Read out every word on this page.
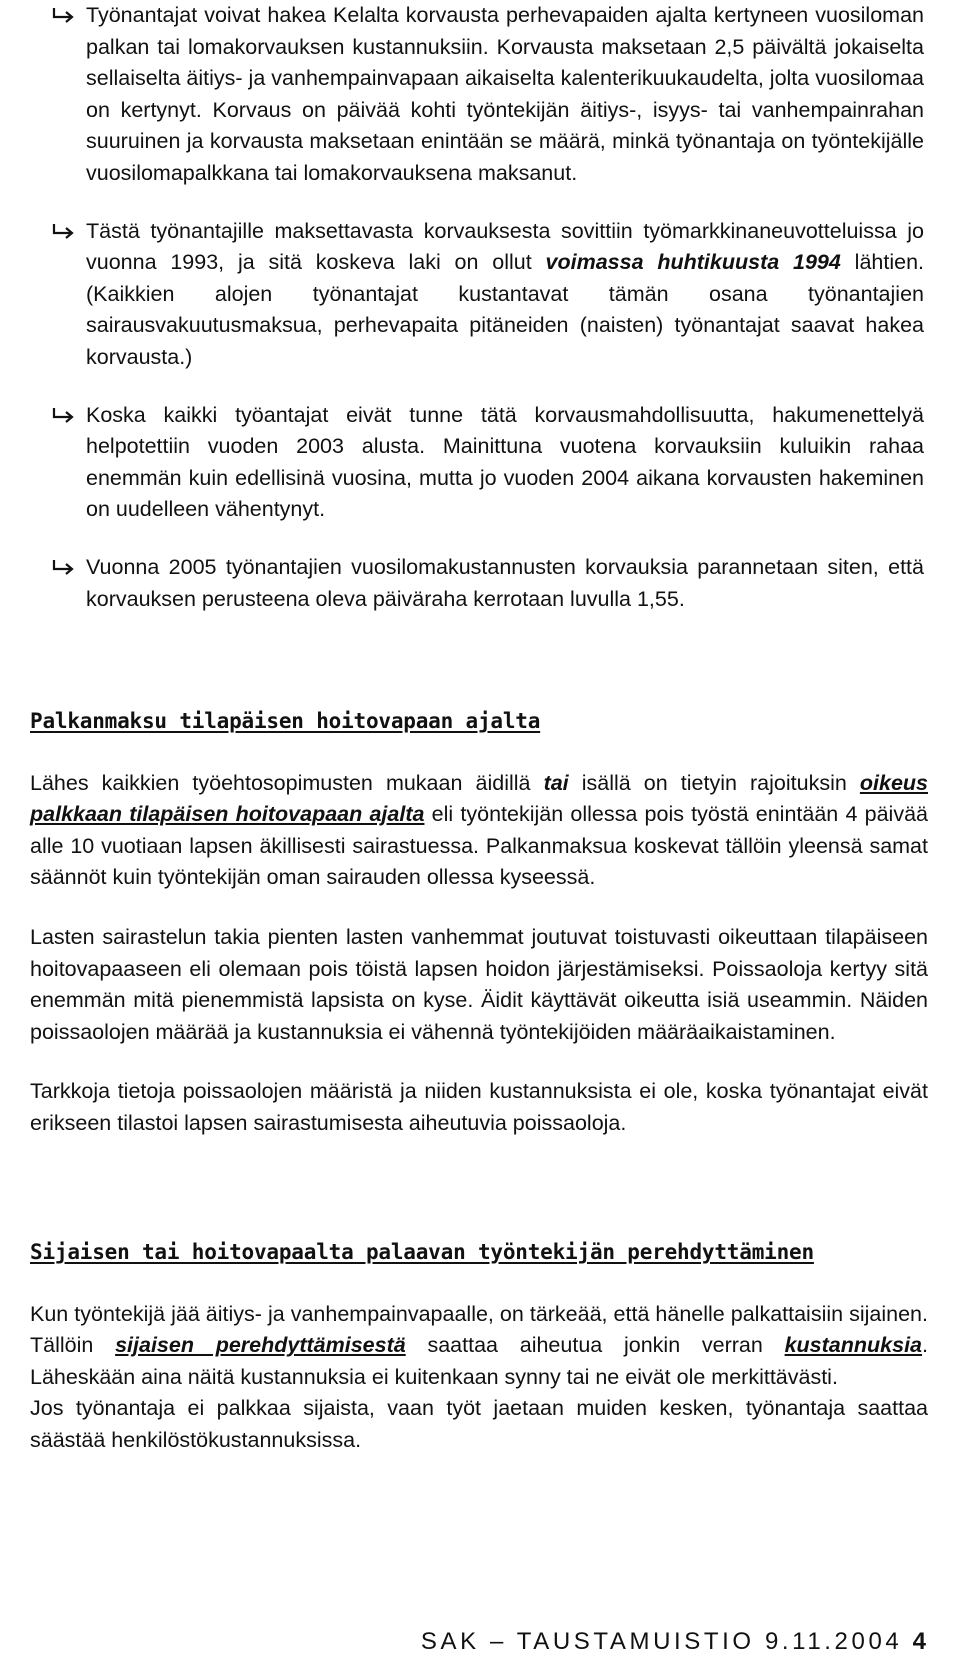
Työnantajat voivat hakea Kelalta korvausta perhevapaiden ajalta kertyneen vuosiloman palkan tai lomakorvauksen kustannuksiin. Korvausta maksetaan 2,5 päivältä jokaiselta sellaiselta äitiys- ja vanhempainvapaan aikaiselta kalenterikuukaudelta, jolta vuosilomaa on kertynyt. Korvaus on päivää kohti työntekijän äitiys-, isyys- tai vanhempainrahan suuruinen ja korvausta maksetaan enintään se määrä, minkä työnantaja on työntekijälle vuosilomapalkkana tai lomakorvauksena maksanut.
Tästä työnantajille maksettavasta korvauksesta sovittiin työmarkkinaneuvotteluissa jo vuonna 1993, ja sitä koskeva laki on ollut voimassa huhtikuusta 1994 lähtien. (Kaikkien alojen työnantajat kustantavat tämän osana työnantajien sairausvakuutusmaksua, perhevapaita pitäneiden (naisten) työnantajat saavat hakea korvausta.)
Koska kaikki työantajat eivät tunne tätä korvausmahdollisuutta, hakumenettelyä helpotettiin vuoden 2003 alusta. Mainittuna vuotena korvauksiin kuluikin rahaa enemmän kuin edellisinä vuosina, mutta jo vuoden 2004 aikana korvausten hakeminen on uudelleen vähentynyt.
Vuonna 2005 työnantajien vuosilomakustannusten korvauksia parannetaan siten, että korvauksen perusteena oleva päiväraha kerrotaan luvulla 1,55.
Palkanmaksu tilapäisen hoitovapaan ajalta

Lähes kaikkien työehtosopimusten mukaan äidillä tai isällä on tietyin rajoituksin oikeus palkkaan tilapäisen hoitovapaan ajalta eli työntekijän ollessa pois työstä enintään 4 päivää alle 10 vuotiaan lapsen äkillisesti sairastuessa. Palkanmaksua koskevat tällöin yleensä samat säännöt kuin työntekijän oman sairauden ollessa kyseessä.

Lasten sairastelun takia pienten lasten vanhemmat joutuvat toistuvasti oikeuttaan tilapäiseen hoitovapaaseen eli olemaan pois töistä lapsen hoidon järjestämiseksi. Poissaoloja kertyy sitä enemmän mitä pienemmistä lapsista on kyse. Äidit käyttävät oikeutta isiä useammin. Näiden poissaolojen määrää ja kustannuksia ei vähennä työntekijöiden määräaikaistaminen.

Tarkkoja tietoja poissaolojen määristä ja niiden kustannuksista ei ole, koska työnantajat eivät erikseen tilastoi lapsen sairastumisesta aiheutuvia poissaoloja.

Sijaisen tai hoitovapaalta palaavan työntekijän perehdyttäminen

Kun työntekijä jää äitiys- ja vanhempainvapaalle, on tärkeää, että hänelle palkattaisiin sijainen. Tällöin sijaisen perehdyttämisestä saattaa aiheutua jonkin verran kustannuksia. Läheskään aina näitä kustannuksia ei kuitenkaan synny tai ne eivät ole merkittävästi.

Jos työnantaja ei palkkaa sijaista, vaan työt jaetaan muiden kesken, työnantaja saattaa säästää henkilöstökustannuksissa.

SAK – TAUSTAMUISTIO 9.11.2004 4
